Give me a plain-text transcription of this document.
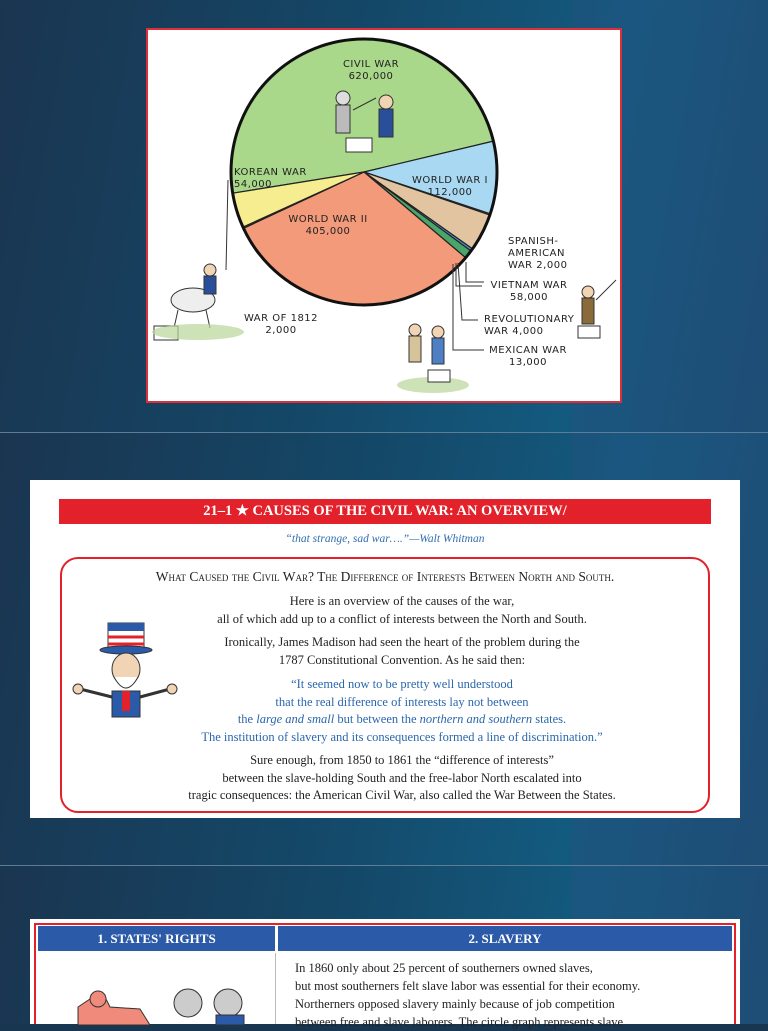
CIVIL WAR
620,000
WORLD WAR I
112,000
KOREAN WAR
54,000
WORLD WAR II
405,000
SPANISH-
AMERICAN
WAR 2,000
VIETNAM WAR
58,000
REVOLUTIONARY
WAR 4,000
MEXICAN WAR
13,000
WAR OF 1812
2,000
21–1 ★ CAUSES OF THE CIVIL WAR: AN OVERVIEW/
“that strange, sad war….”—Walt Whitman
What Caused the Civil War? The Difference of Interests Between North and South.
Here is an overview of the causes of the war,
all of which add up to a conflict of interests between the North and South.
Ironically, James Madison had seen the heart of the problem during the
1787 Constitutional Convention. As he said then:
“It seemed now to be pretty well understood
that the real difference of interests lay not between
the large and small but between the northern and southern states.
The institution of slavery and its consequences formed a line of discrimination.”
Sure enough, from 1850 to 1861 the “difference of interests”
between the slave-holding South and the free-labor North escalated into
tragic consequences: the American Civil War, also called the War Between the States.
1. STATES' RIGHTS	2. SLAVERY
In 1860 only about 25 percent of southerners owned slaves,
but most southerners felt slave labor was essential for their economy.
Northerners opposed slavery mainly because of job competition
between free and slave laborers. The circle graph represents slave
